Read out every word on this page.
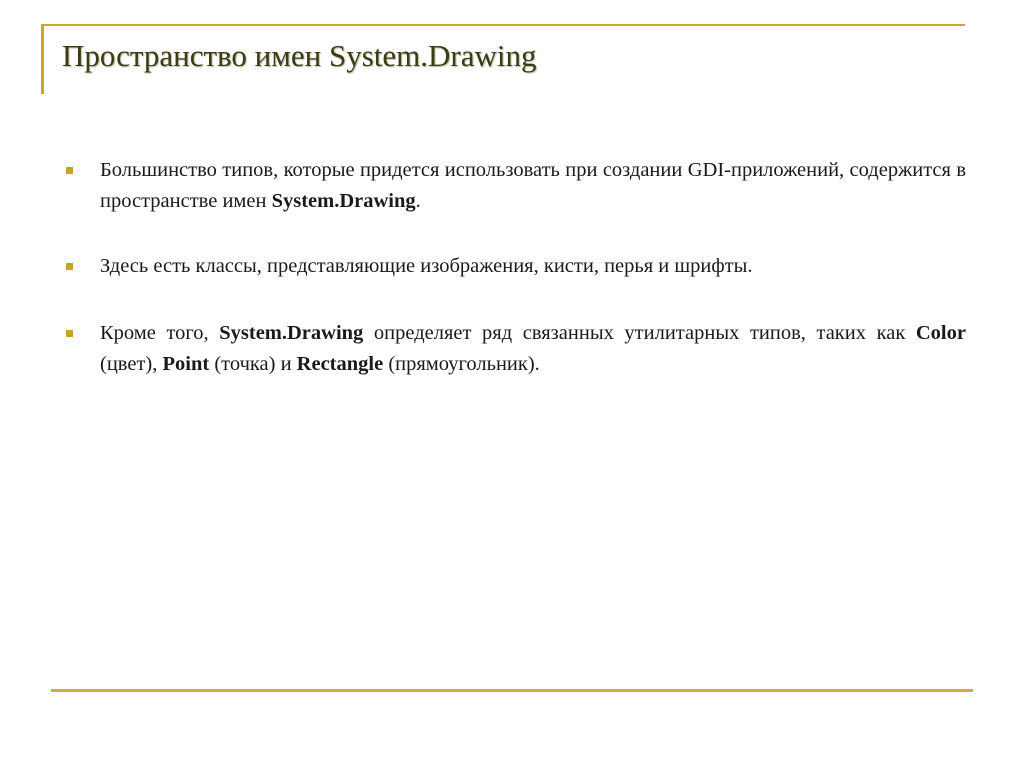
Пространство имен System.Drawing
Большинство типов, которые придется использовать при создании GDI-приложений, содержится в пространстве имен System.Drawing.
Здесь есть классы, представляющие изображения, кисти, перья и шрифты.
Кроме того, System.Drawing определяет ряд связанных утилитарных типов, таких как Color (цвет), Point (точка) и Rectangle (прямоугольник).
